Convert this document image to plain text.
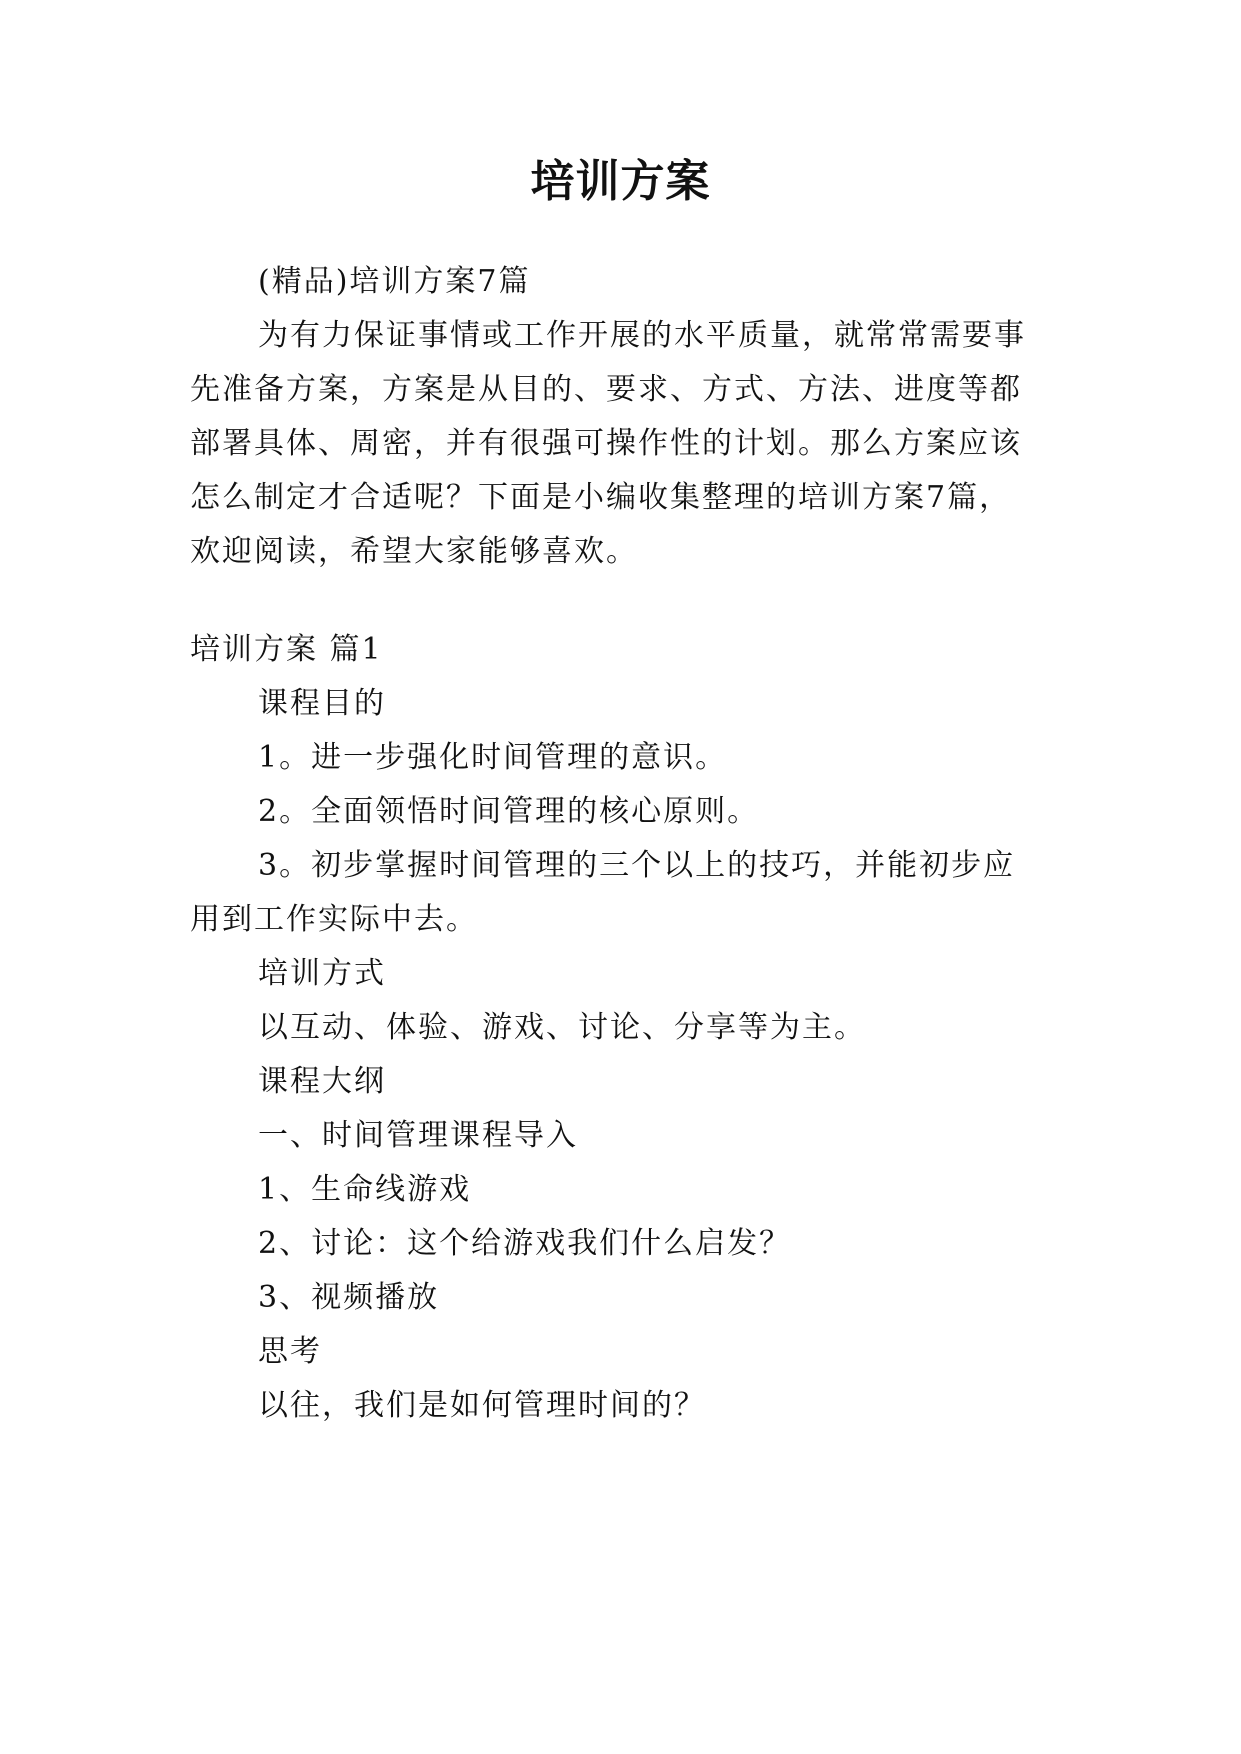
培训方案

(精品)培训方案7篇

为有力保证事情或工作开展的水平质量，就常常需要事

先准备方案，方案是从目的、要求、方式、方法、进度等都

部署具体、周密，并有很强可操作性的计划。那么方案应该

怎么制定才合适呢？下面是小编收集整理的培训方案7篇，

欢迎阅读，希望大家能够喜欢。

培训方案 篇1

课程目的

1。进一步强化时间管理的意识。

2。全面领悟时间管理的核心原则。

3。初步掌握时间管理的三个以上的技巧，并能初步应

用到工作实际中去。

培训方式

以互动、体验、游戏、讨论、分享等为主。

课程大纲

一、时间管理课程导入

1、生命线游戏

2、讨论：这个给游戏我们什么启发？

3、视频播放

思考

以往，我们是如何管理时间的？
